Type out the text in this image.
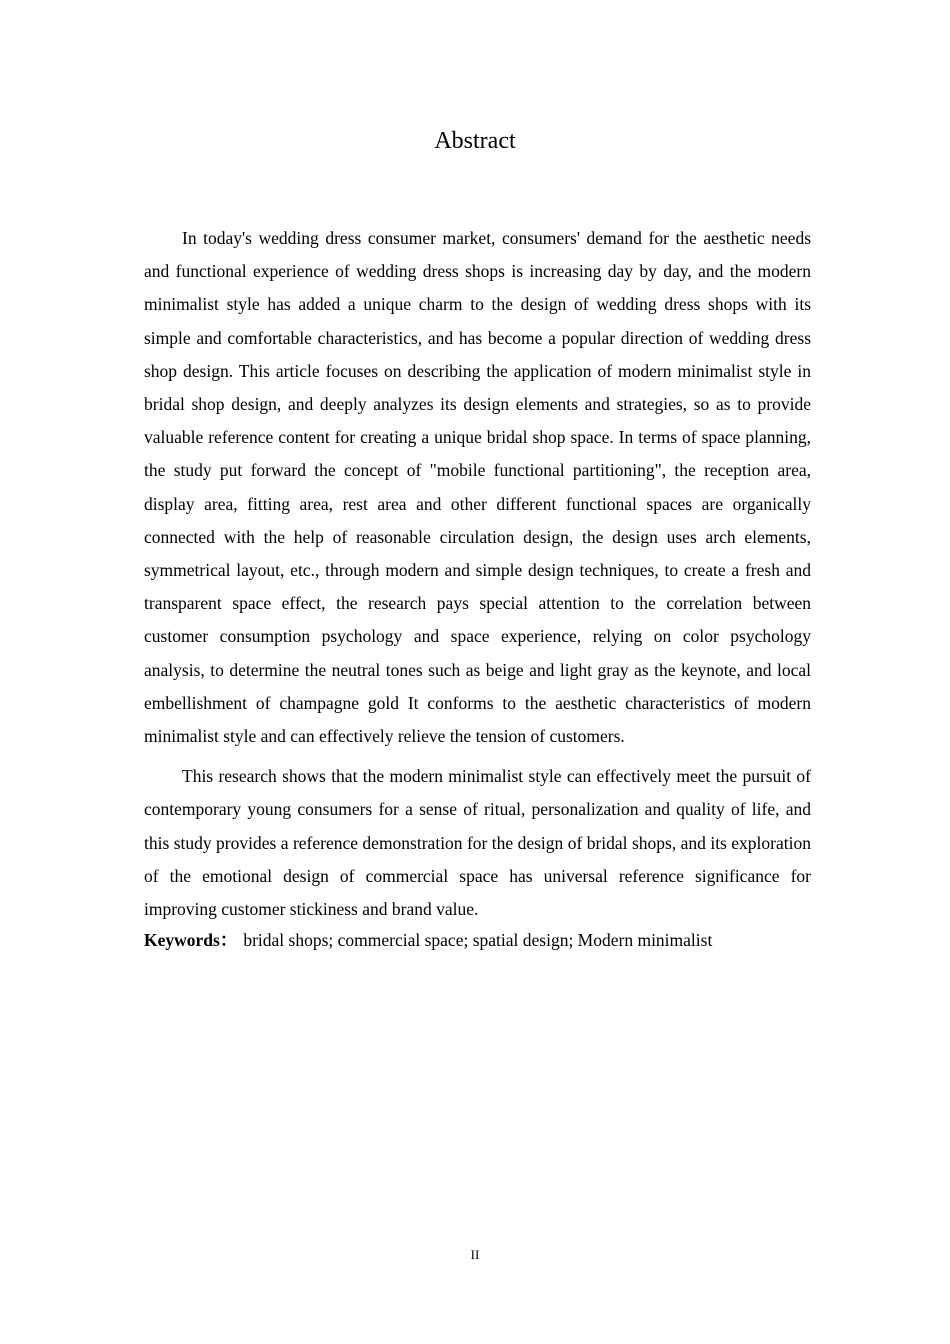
Abstract

In today's wedding dress consumer market, consumers' demand for the aesthetic needs and functional experience of wedding dress shops is increasing day by day, and the modern minimalist style has added a unique charm to the design of wedding dress shops with its simple and comfortable characteristics, and has become a popular direction of wedding dress shop design. This article focuses on describing the application of modern minimalist style in bridal shop design, and deeply analyzes its design elements and strategies, so as to provide valuable reference content for creating a unique bridal shop space. In terms of space planning, the study put forward the concept of "mobile functional partitioning", the reception area, display area, fitting area, rest area and other different functional spaces are organically connected with the help of reasonable circulation design, the design uses arch elements, symmetrical layout, etc., through modern and simple design techniques, to create a fresh and transparent space effect, the research pays special attention to the correlation between customer consumption psychology and space experience, relying on color psychology analysis, to determine the neutral tones such as beige and light gray as the keynote, and local embellishment of champagne gold It conforms to the aesthetic characteristics of modern minimalist style and can effectively relieve the tension of customers.

This research shows that the modern minimalist style can effectively meet the pursuit of contemporary young consumers for a sense of ritual, personalization and quality of life, and this study provides a reference demonstration for the design of bridal shops, and its exploration of the emotional design of commercial space has universal reference significance for improving customer stickiness and brand value.

Keywords： bridal shops; commercial space; spatial design; Modern minimalist

II
